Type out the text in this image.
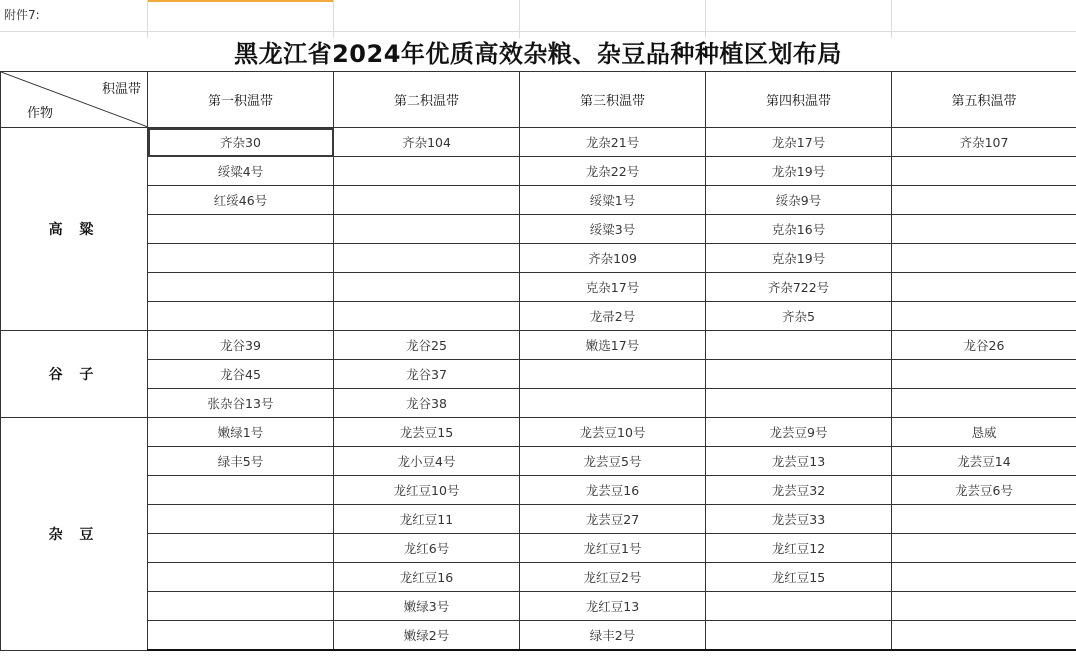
附件7:
黑龙江省2024年优质高效杂粮、杂豆品种种植区划布局
积温带
作物	第一积温带	第二积温带	第三积温带	第四积温带	第五积温带
高 粱	齐杂30	齐杂104	龙杂21号	龙杂17号	齐杂107
	绥粱4号		龙杂22号	龙杂19号	
	红绥46号		绥粱1号	绥杂9号	
			绥粱3号	克杂16号	
			齐杂109	克杂19号	
			克杂17号	齐杂722号	
			龙帚2号	齐杂5	
谷 子	龙谷39	龙谷25	嫩选17号		龙谷26
	龙谷45	龙谷37			
	张杂谷13号	龙谷38			
杂 豆	嫩绿1号	龙芸豆15	龙芸豆10号	龙芸豆9号	恳威
	绿丰5号	龙小豆4号	龙芸豆5号	龙芸豆13	龙芸豆14
		龙红豆10号	龙芸豆16	龙芸豆32	龙芸豆6号
		龙红豆11	龙芸豆27	龙芸豆33	
		龙红6号	龙红豆1号	龙红豆12	
		龙红豆16	龙红豆2号	龙红豆15	
		嫩绿3号	龙红豆13		
		嫩绿2号	绿丰2号		
